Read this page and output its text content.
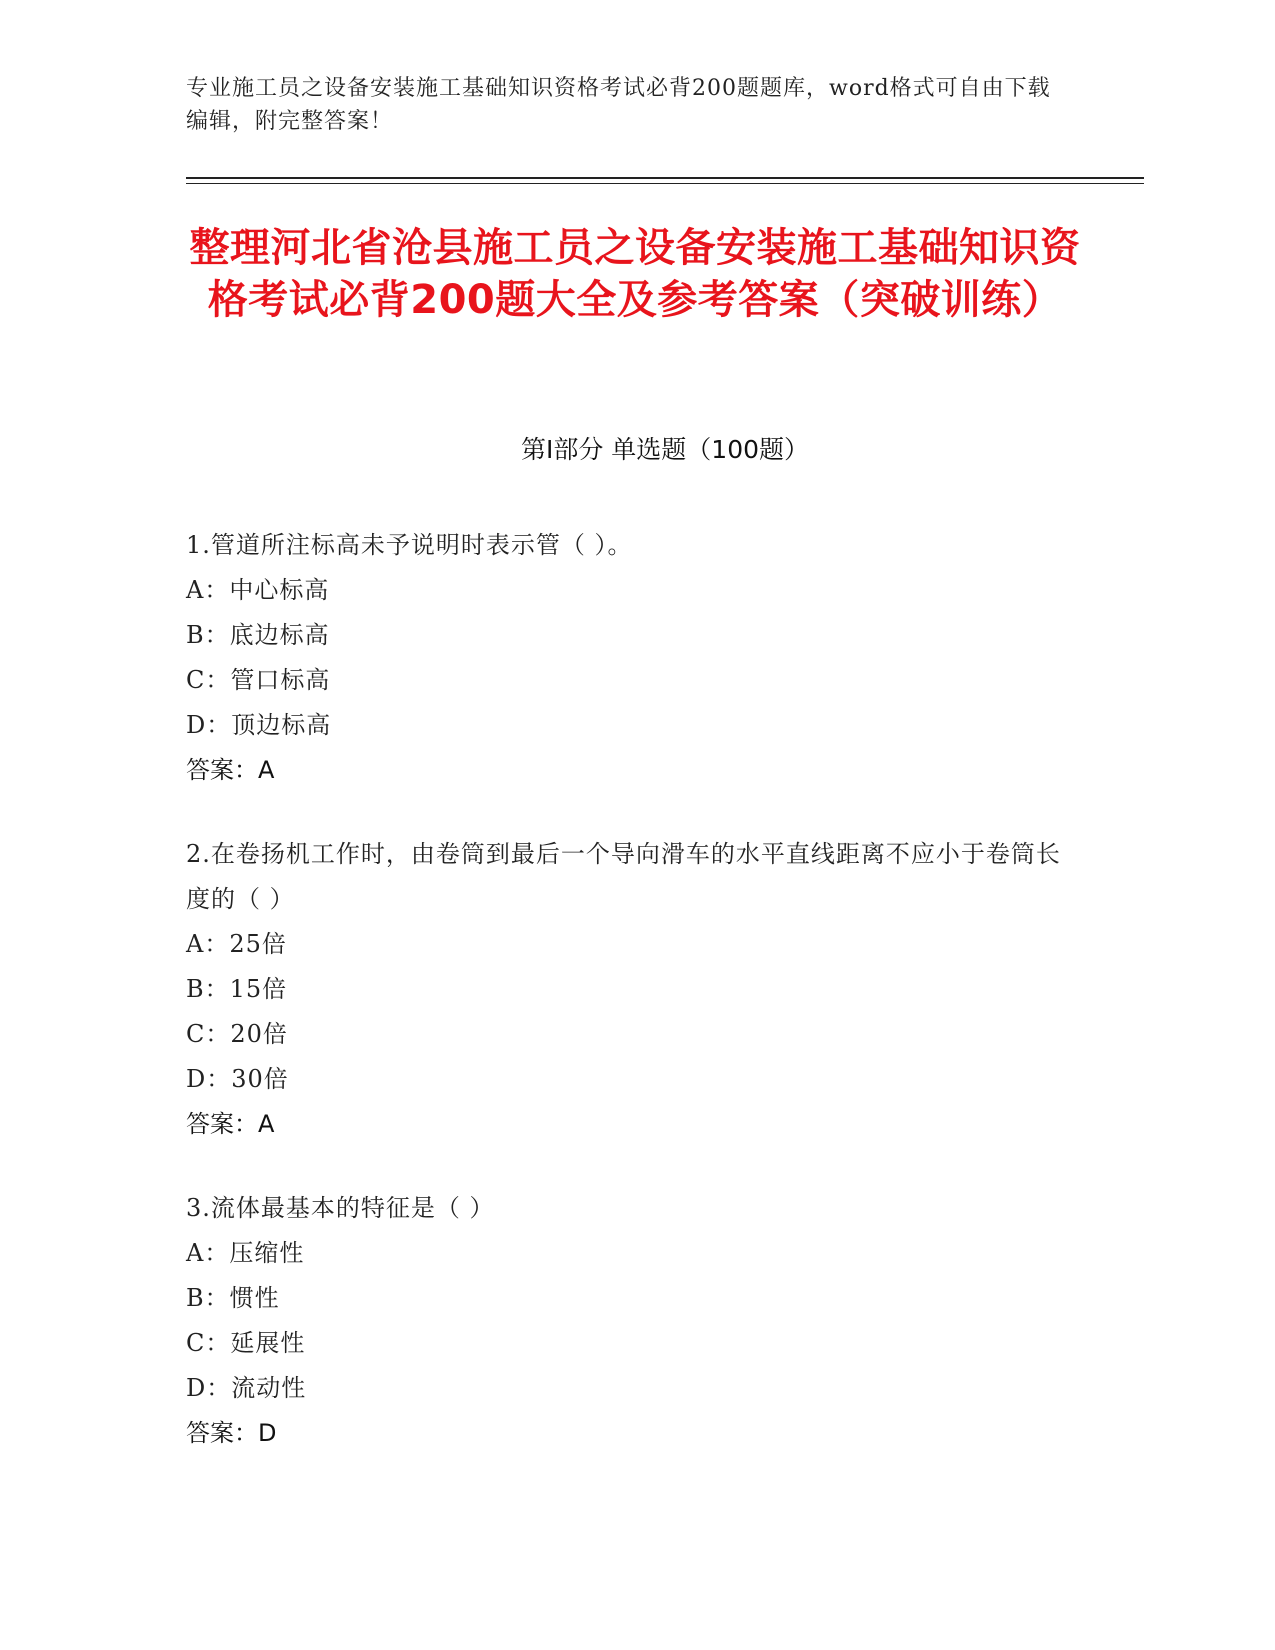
专业施工员之设备安装施工基础知识资格考试必背200题题库，word格式可自由下载编辑，附完整答案！
整理河北省沧县施工员之设备安装施工基础知识资格考试必背200题大全及参考答案（突破训练）
第I部分 单选题（100题）
1.管道所注标高未予说明时表示管（ ）。
A：中心标高
B：底边标高
C：管口标高
D：顶边标高
答案：A
2.在卷扬机工作时，由卷筒到最后一个导向滑车的水平直线距离不应小于卷筒长度的（ ）
A：25倍
B：15倍
C：20倍
D：30倍
答案：A
3.流体最基本的特征是（ ）
A：压缩性
B：惯性
C：延展性
D：流动性
答案：D
